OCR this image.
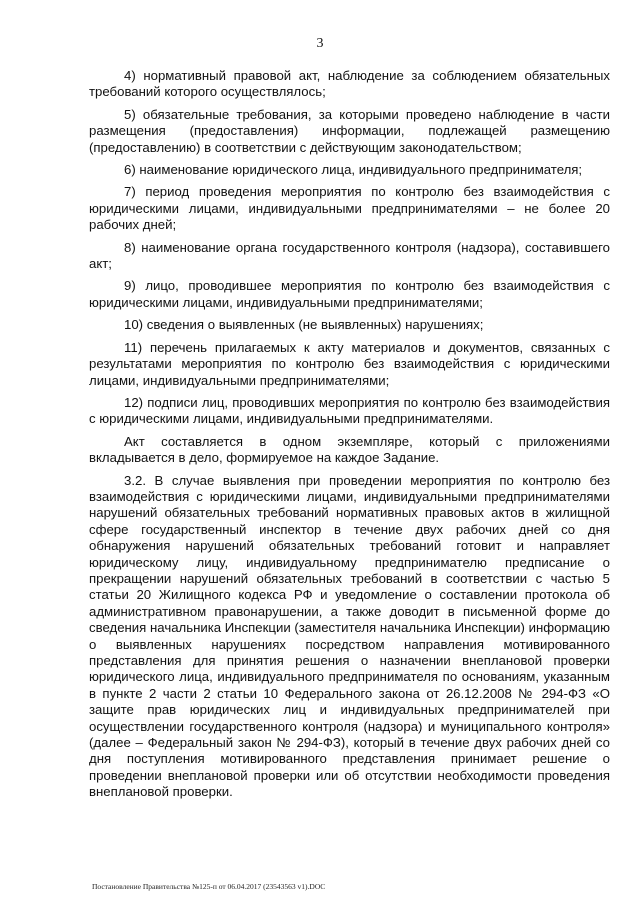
3

4) нормативный правовой акт, наблюдение за соблюдением обязательных требований которого осуществлялось;

5) обязательные требования, за которыми проведено наблюдение в части размещения (предоставления) информации, подлежащей размещению (предоставлению) в соответствии с действующим законодательством;

6) наименование юридического лица, индивидуального предпринимателя;

7) период проведения мероприятия по контролю без взаимодействия с юридическими лицами, индивидуальными предпринимателями – не более 20 рабочих дней;

8) наименование органа государственного контроля (надзора), составившего акт;

9) лицо, проводившее мероприятия по контролю без взаимодействия с юридическими лицами, индивидуальными предпринимателями;

10) сведения о выявленных (не выявленных) нарушениях;

11) перечень прилагаемых к акту материалов и документов, связанных с результатами мероприятия по контролю без взаимодействия с юридическими лицами, индивидуальными предпринимателями;

12) подписи лиц, проводивших мероприятия по контролю без взаимодействия с юридическими лицами, индивидуальными предпринимателями.

Акт составляется в одном экземпляре, который с приложениями вкладывается в дело, формируемое на каждое Задание.

3.2. В случае выявления при проведении мероприятия по контролю без взаимодействия с юридическими лицами, индивидуальными предпринимателями нарушений обязательных требований нормативных правовых актов в жилищной сфере государственный инспектор в течение двух рабочих дней со дня обнаружения нарушений обязательных требований готовит и направляет юридическому лицу, индивидуальному предпринимателю предписание о прекращении нарушений обязательных требований в соответствии с частью 5 статьи 20 Жилищного кодекса РФ и уведомление о составлении протокола об административном правонарушении, а также доводит в письменной форме до сведения начальника Инспекции (заместителя начальника Инспекции) информацию о выявленных нарушениях посредством направления мотивированного представления для принятия решения о назначении внеплановой проверки юридического лица, индивидуального предпринимателя по основаниям, указанным в пункте 2 части 2 статьи 10 Федерального закона от 26.12.2008 № 294-ФЗ «О защите прав юридических лиц и индивидуальных предпринимателей при осуществлении государственного контроля (надзора) и муниципального контроля» (далее – Федеральный закон № 294-ФЗ), который в течение двух рабочих дней со дня поступления мотивированного представления принимает решение о проведении внеплановой проверки или об отсутствии необходимости проведения внеплановой проверки.

Постановление Правительства №125-п от 06.04.2017 (23543563 v1).DOC
